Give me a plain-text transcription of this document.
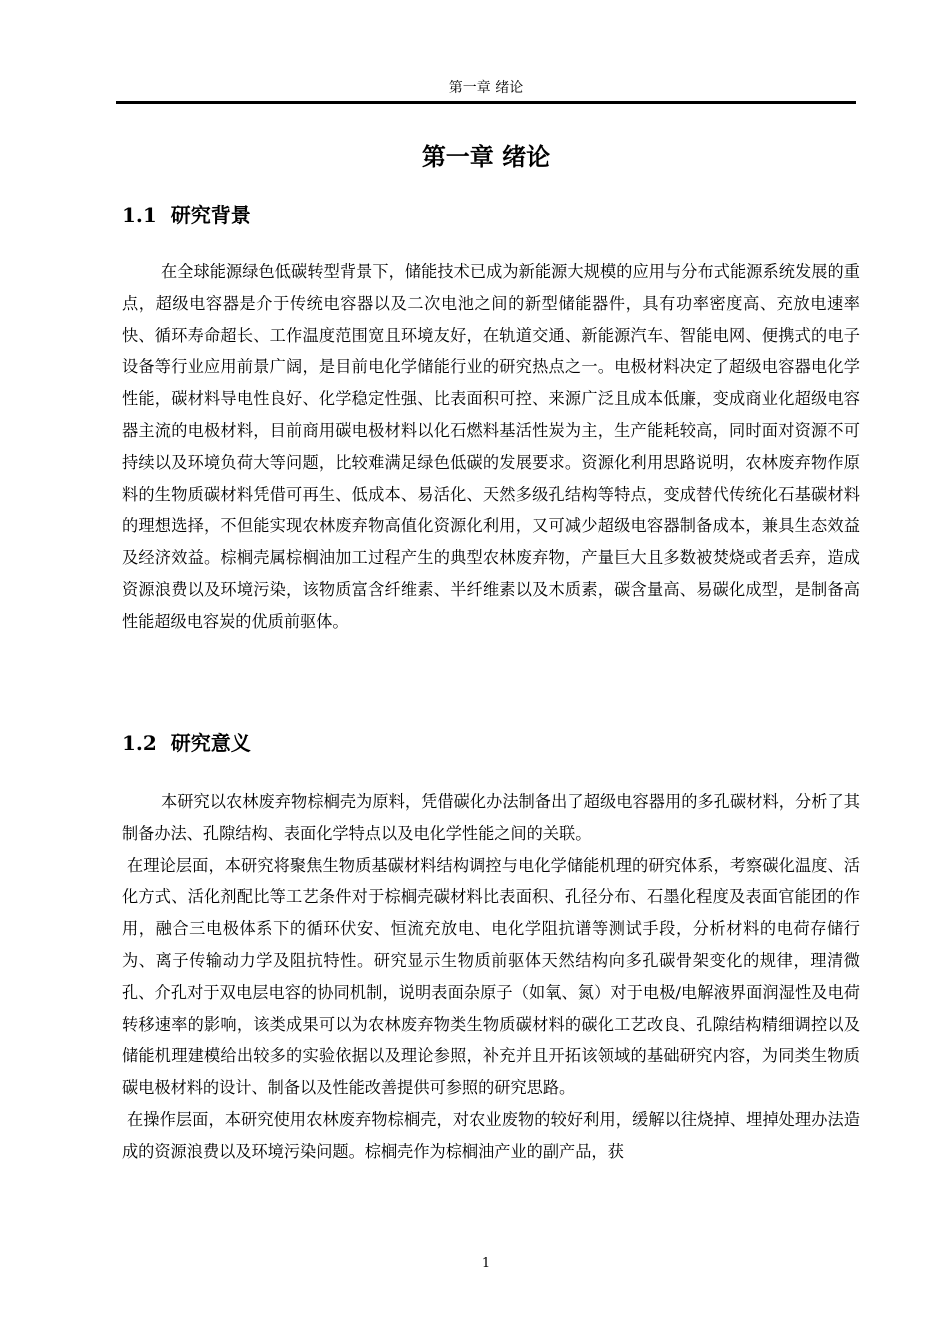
第一章 绪论
第一章 绪论
1.1 研究背景

在全球能源绿色低碳转型背景下，储能技术已成为新能源大规模的应用与分布式能源系统发展的重点，超级电容器是介于传统电容器以及二次电池之间的新型储能器件，具有功率密度高、充放电速率快、循环寿命超长、工作温度范围宽且环境友好，在轨道交通、新能源汽车、智能电网、便携式的电子设备等行业应用前景广阔，是目前电化学储能行业的研究热点之一。电极材料决定了超级电容器电化学性能，碳材料导电性良好、化学稳定性强、比表面积可控、来源广泛且成本低廉，变成商业化超级电容器主流的电极材料，目前商用碳电极材料以化石燃料基活性炭为主，生产能耗较高，同时面对资源不可持续以及环境负荷大等问题，比较难满足绿色低碳的发展要求。资源化利用思路说明，农林废弃物作原料的生物质碳材料凭借可再生、低成本、易活化、天然多级孔结构等特点，变成替代传统化石基碳材料的理想选择，不但能实现农林废弃物高值化资源化利用，又可减少超级电容器制备成本，兼具生态效益及经济效益。棕榈壳属棕榈油加工过程产生的典型农林废弃物，产量巨大且多数被焚烧或者丢弃，造成资源浪费以及环境污染，该物质富含纤维素、半纤维素以及木质素，碳含量高、易碳化成型，是制备高性能超级电容炭的优质前驱体。

1.2 研究意义

本研究以农林废弃物棕榈壳为原料，凭借碳化办法制备出了超级电容器用的多孔碳材料，分析了其制备办法、孔隙结构、表面化学特点以及电化学性能之间的关联。

在理论层面，本研究将聚焦生物质基碳材料结构调控与电化学储能机理的研究体系，考察碳化温度、活化方式、活化剂配比等工艺条件对于棕榈壳碳材料比表面积、孔径分布、石墨化程度及表面官能团的作用，融合三电极体系下的循环伏安、恒流充放电、电化学阻抗谱等测试手段，分析材料的电荷存储行为、离子传输动力学及阻抗特性。研究显示生物质前驱体天然结构向多孔碳骨架变化的规律，理清微孔、介孔对于双电层电容的协同机制，说明表面杂原子（如氧、氮）对于电极/电解液界面润湿性及电荷转移速率的影响，该类成果可以为农林废弃物类生物质碳材料的碳化工艺改良、孔隙结构精细调控以及储能机理建模给出较多的实验依据以及理论参照，补充并且开拓该领域的基础研究内容，为同类生物质碳电极材料的设计、制备以及性能改善提供可参照的研究思路。

在操作层面，本研究使用农林废弃物棕榈壳，对农业废物的较好利用，缓解以往烧掉、埋掉处理办法造成的资源浪费以及环境污染问题。棕榈壳作为棕榈油产业的副产品，获

1
